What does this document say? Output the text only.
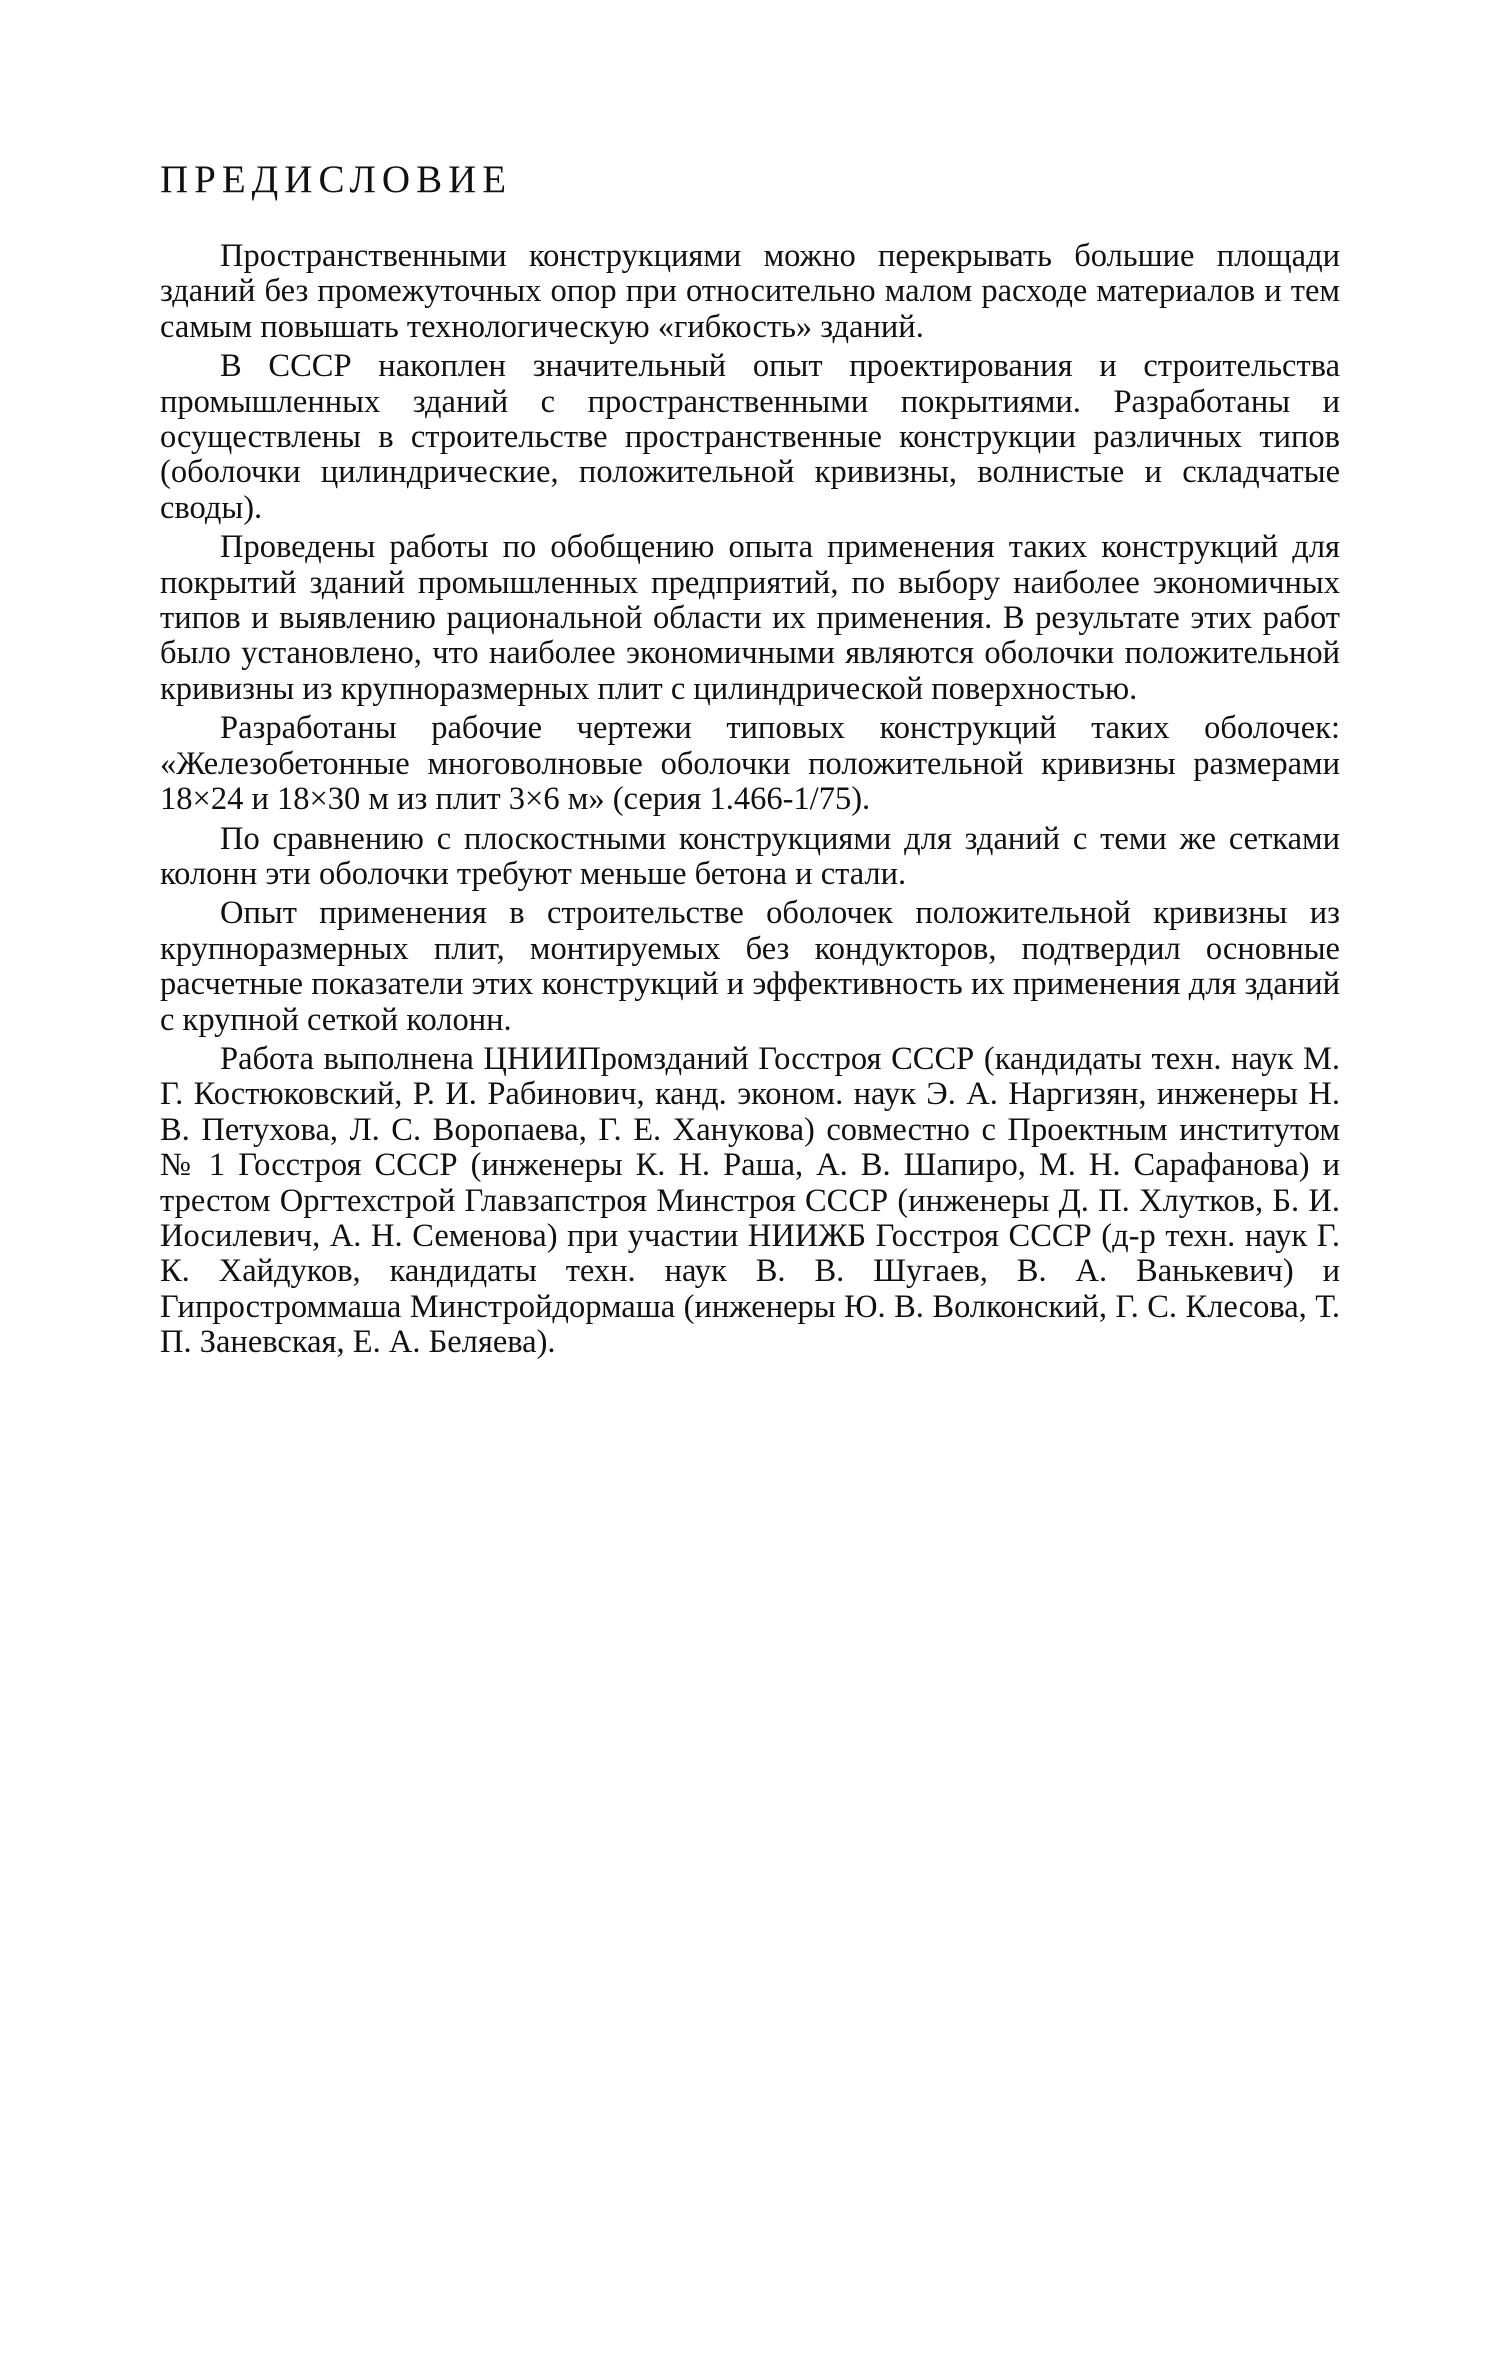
ПРЕДИСЛОВИЕ

Пространственными конструкциями можно перекрывать большие площади зданий без промежуточных опор при относительно малом расходе материалов и тем самым повышать технологическую «гибкость» зданий.

В СССР накоплен значительный опыт проектирования и строительства промышленных зданий с пространственными покрытиями. Разработаны и осуществлены в строительстве пространственные конструкции различных типов (оболочки цилиндрические, положительной кривизны, волнистые и складчатые своды).

Проведены работы по обобщению опыта применения таких конструкций для покрытий зданий промышленных предприятий, по выбору наиболее экономичных типов и выявлению рациональной области их применения. В результате этих работ было установлено, что наиболее экономичными являются оболочки положительной кривизны из крупноразмерных плит с цилиндрической поверхностью.

Разработаны рабочие чертежи типовых конструкций таких оболочек: «Железобетонные многоволновые оболочки положительной кривизны размерами 18×24 и 18×30 м из плит 3×6 м» (серия 1.466-1/75).

По сравнению с плоскостными конструкциями для зданий с теми же сетками колонн эти оболочки требуют меньше бетона и стали.

Опыт применения в строительстве оболочек положительной кривизны из крупноразмерных плит, монтируемых без кондукторов, подтвердил основные расчетные показатели этих конструкций и эффективность их применения для зданий с крупной сеткой колонн.

Работа выполнена ЦНИИПромзданий Госстроя СССР (кандидаты техн. наук М. Г. Костюковский, Р. И. Рабинович, канд. эконом. наук Э. А. Наргизян, инженеры Н. В. Петухова, Л. С. Воропаева, Г. Е. Ханукова) совместно с Проектным институтом № 1 Госстроя СССР (инженеры К. Н. Раша, А. В. Шапиро, М. Н. Сарафанова) и трестом Оргтехстрой Главзапстроя Минстроя СССР (инженеры Д. П. Хлутков, Б. И. Иосилевич, А. Н. Семенова) при участии НИИЖБ Госстроя СССР (д-р техн. наук Г. К. Хайдуков, кандидаты техн. наук В. В. Шугаев, В. А. Ванькевич) и Гипростроммаша Минстройдормаша (инженеры Ю. В. Волконский, Г. С. Клесова, Т. П. Заневская, Е. А. Беляева).
